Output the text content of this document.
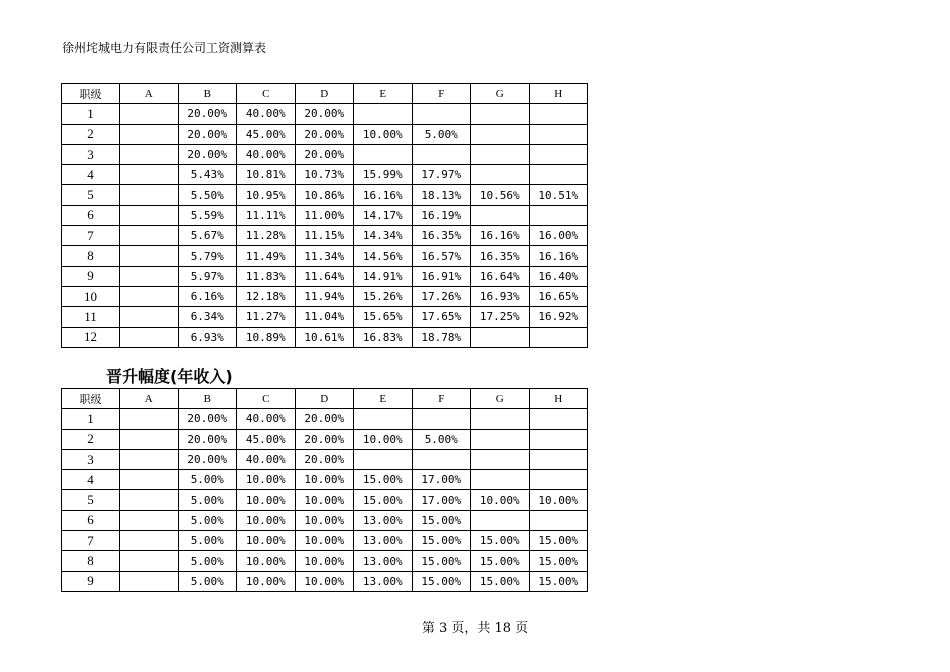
徐州垞城电力有限责任公司工资测算表
职级	A	B	C	D	E	F	G	H
1		20.00%	40.00%	20.00%				
2		20.00%	45.00%	20.00%	10.00%	5.00%		
3		20.00%	40.00%	20.00%				
4		5.43%	10.81%	10.73%	15.99%	17.97%		
5		5.50%	10.95%	10.86%	16.16%	18.13%	10.56%	10.51%
6		5.59%	11.11%	11.00%	14.17%	16.19%		
7		5.67%	11.28%	11.15%	14.34%	16.35%	16.16%	16.00%
8		5.79%	11.49%	11.34%	14.56%	16.57%	16.35%	16.16%
9		5.97%	11.83%	11.64%	14.91%	16.91%	16.64%	16.40%
10		6.16%	12.18%	11.94%	15.26%	17.26%	16.93%	16.65%
11		6.34%	11.27%	11.04%	15.65%	17.65%	17.25%	16.92%
12		6.93%	10.89%	10.61%	16.83%	18.78%		
晋升幅度(年收入)
职级	A	B	C	D	E	F	G	H
1		20.00%	40.00%	20.00%				
2		20.00%	45.00%	20.00%	10.00%	5.00%		
3		20.00%	40.00%	20.00%				
4		5.00%	10.00%	10.00%	15.00%	17.00%		
5		5.00%	10.00%	10.00%	15.00%	17.00%	10.00%	10.00%
6		5.00%	10.00%	10.00%	13.00%	15.00%		
7		5.00%	10.00%	10.00%	13.00%	15.00%	15.00%	15.00%
8		5.00%	10.00%	10.00%	13.00%	15.00%	15.00%	15.00%
9		5.00%	10.00%	10.00%	13.00%	15.00%	15.00%	15.00%
第 3 页，共 18 页
